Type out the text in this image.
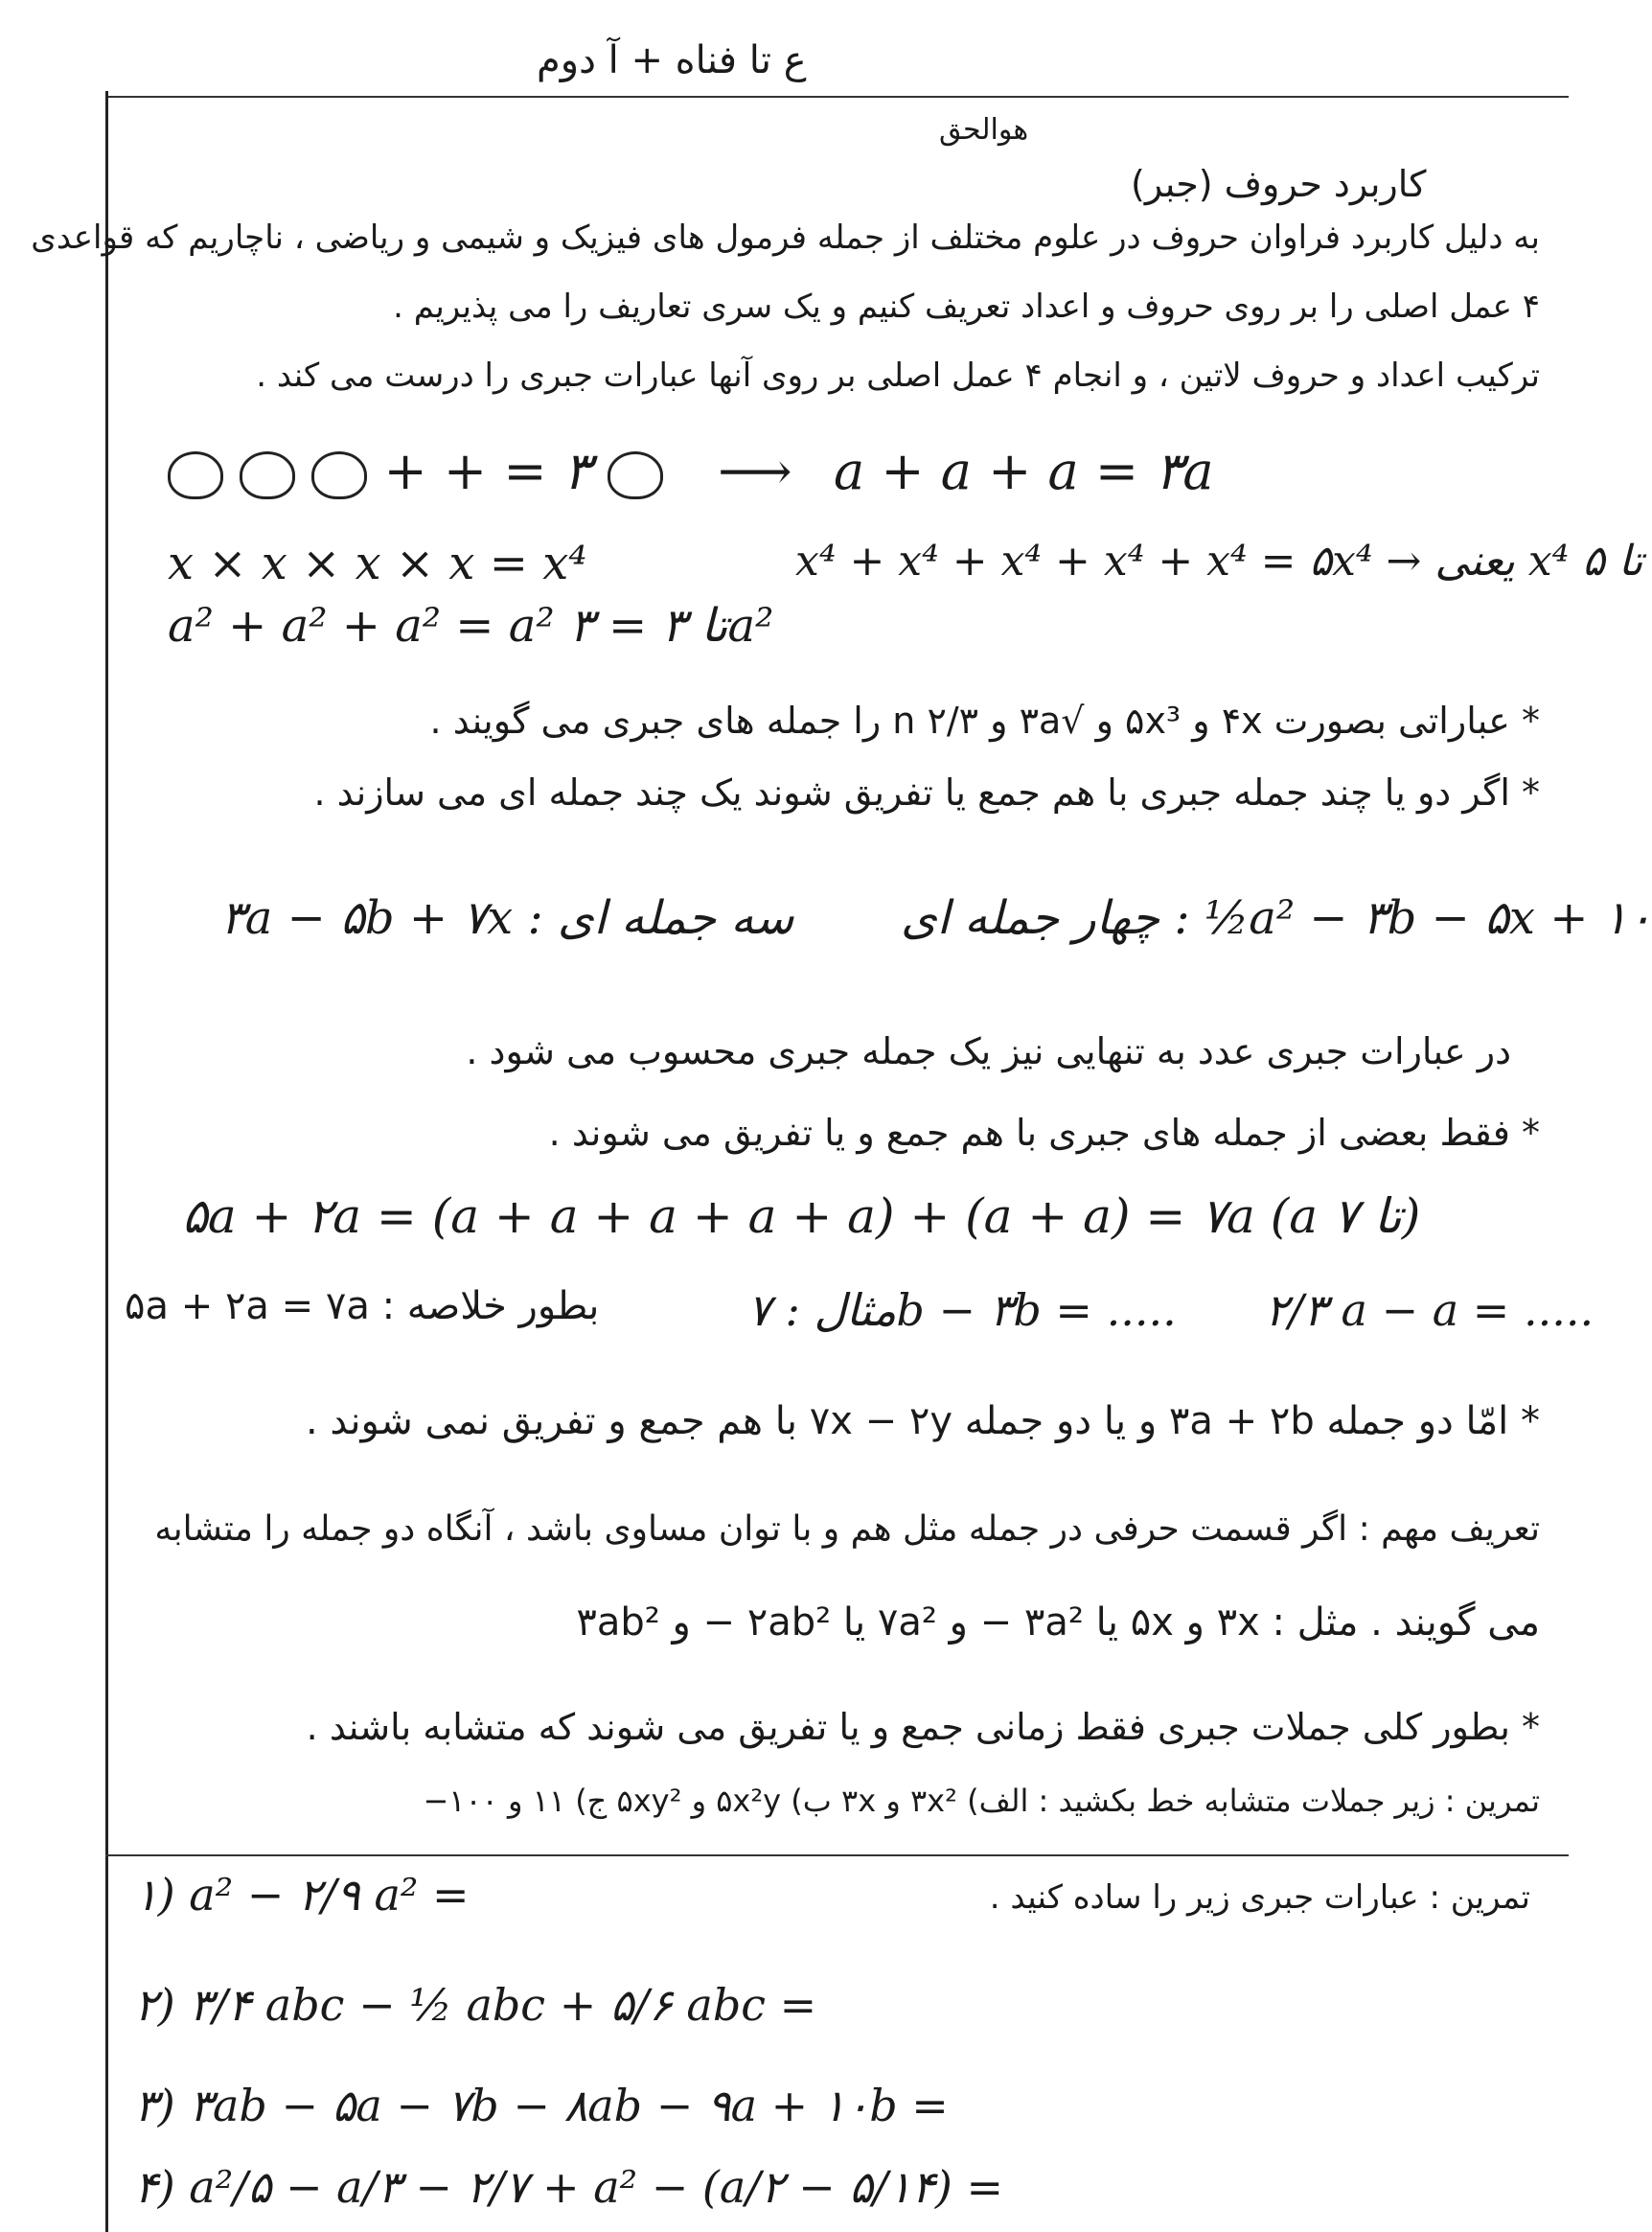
ع تا فناه + آ دوم
هوالحق
کاربرد حروف (جبر)
به دلیل کاربرد فراوان حروف در علوم مختلف از جمله فرمول های فیزیک و شیمی و ریاضی ، ناچاریم که قواعدی
۴ عمل اصلی را بر روی حروف و اعداد تعریف کنیم و یک سری تعاریف را می پذیریم .
ترکیب اعداد و حروف لاتین ، و انجام ۴ عمل اصلی بر روی آنها عبارات جبری را درست می کند .
+ + = ۳ ⟶ a + a + a = ۳a
x × x × x × x = x⁴	x⁴ + x⁴ + x⁴ + x⁴ + x⁴ = ۵x⁴ → یعنی x⁴ ۵ تا
a² + a² + a² = a² تا ۳ = ۳a²
* عباراتی بصورت ۴x و ۵x³ و √۳a و ۲/۳ n را جمله های جبری می گویند .
* اگر دو یا چند جمله جبری با هم جمع یا تفریق شوند یک چند جمله ای می سازند .
۳a − ۵b + ۷x : سه جمله ای چهار جمله ای : ½a² − ۳b − ۵x + ۱۰
در عبارات جبری عدد به تنهایی نیز یک جمله جبری محسوب می شود .
* فقط بعضی از جمله های جبری با هم جمع و یا تفریق می شوند .
۵a + ۲a = (a + a + a + a + a) + (a + a) = ۷a (a تا ۷)
بطور خلاصه : ۵a + ۲a = ۷a	مثال : ۷b − ۳b = ..... ۲/۳ a − a = .....
* امّا دو جمله ۳a + ۲b و یا دو جمله ۷x − ۲y با هم جمع و تفریق نمی شوند .
تعریف مهم : اگر قسمت حرفی در جمله مثل هم و با توان مساوی باشد ، آنگاه دو جمله را متشابه
می گویند . مثل : ۳x و ۵x یا ۳a² − و ۷a² یا ۲ab² − و ۳ab²
* بطور کلی جملات جبری فقط زمانی جمع و یا تفریق می شوند که متشابه باشند .
تمرین : زیر جملات متشابه خط بکشید : الف) ۳x² و ۳x ب) ۵x²y و ۵xy² ج) ۱۱ و ۱۰۰−
تمرین : عبارات جبری زیر را ساده کنید .
۱) a² − ۲/۹ a² =
۲) ۳/۴ abc − ½ abc + ۵/۶ abc =
۳) ۳ab − ۵a − ۷b − ۸ab − ۹a + ۱۰b =
۴) a²/۵ − a/۳ − ۲/۷ + a² − (a/۲ − ۵/۱۴) =
